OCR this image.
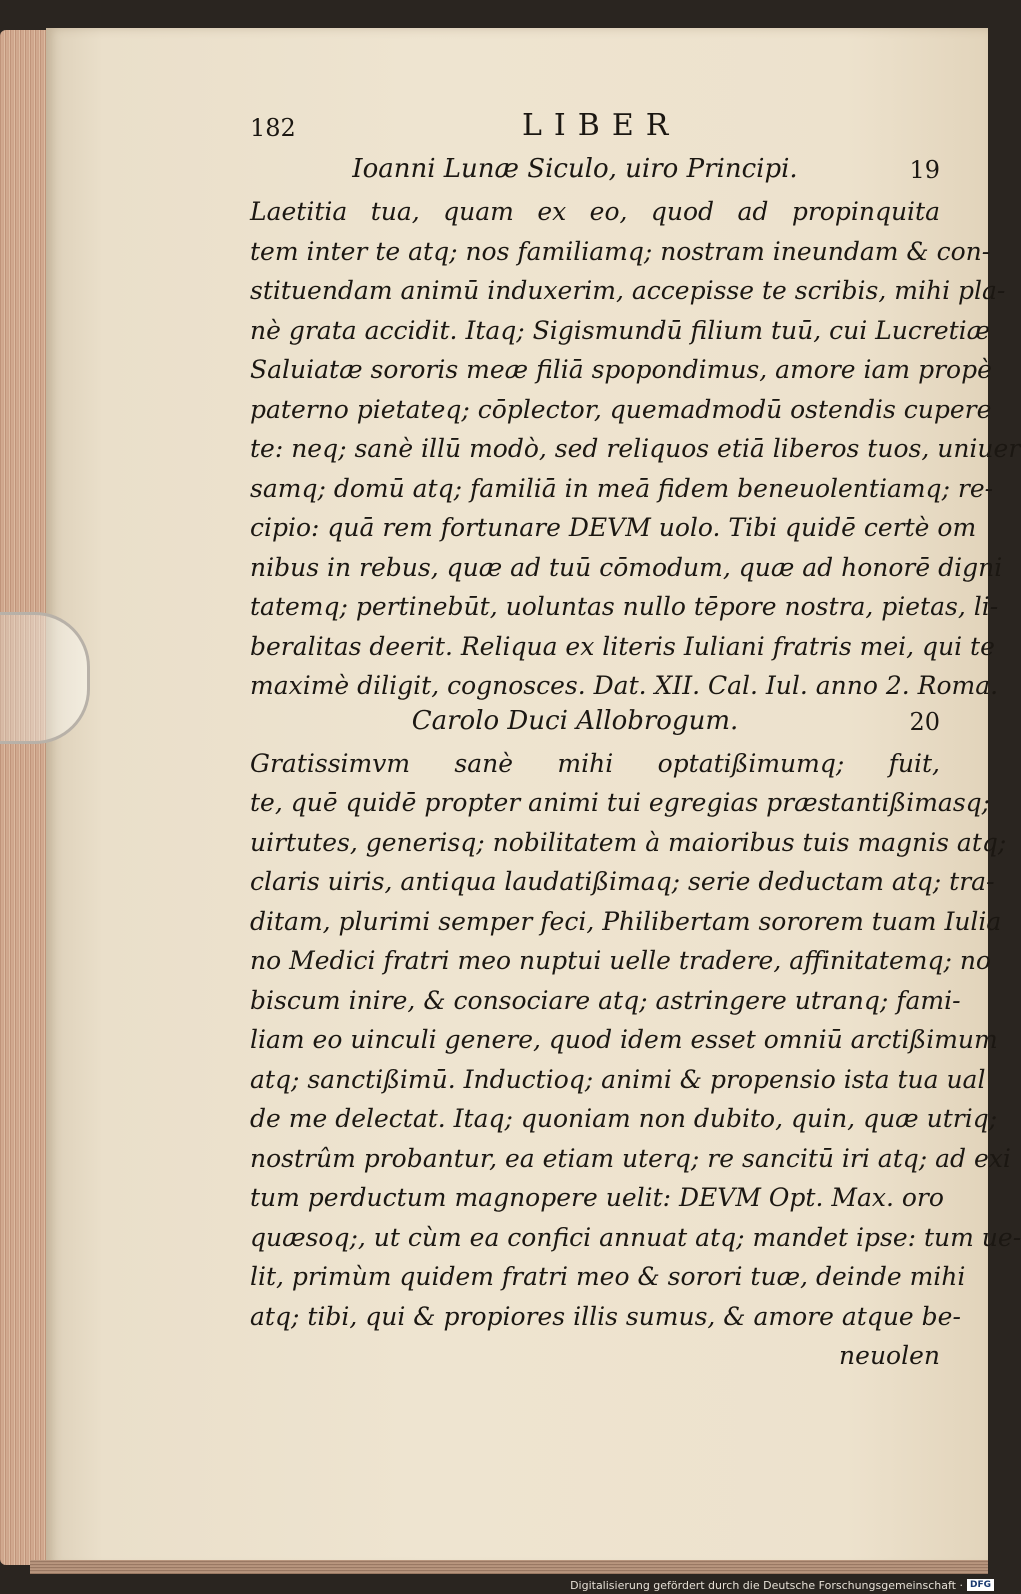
182	LIBER
Ioanni Lunæ Siculo, uiro Principi.	19
Laetitia tua, quam ex eo, quod ad propinquita
tem inter te atq; nos familiamq; nostram ineundam & con-
stituendam animū induxerim, accepisse te scribis, mihi pla-
nè grata accidit. Itaq; Sigismundū filium tuū, cui Lucretiæ
Saluiatæ sororis meæ filiā spopondimus, amore iam propè
paterno pietateq; cōplector, quemadmodū ostendis cupere
te: neq; sanè illū modò, sed reliquos etiā liberos tuos, uniuer
samq; domū atq; familiā in meā fidem beneuolentiamq; re-
cipio: quā rem fortunare DEVM uolo. Tibi quidē certè om
nibus in rebus, quæ ad tuū cōmodum, quæ ad honorē digni
tatemq; pertinebūt, uoluntas nullo tēpore nostra, pietas, li-
beralitas deerit. Reliqua ex literis Iuliani fratris mei, qui te
maximè diligit, cognosces. Dat. XII. Cal. Iul. anno 2. Roma.
Carolo Duci Allobrogum.	20
Gratissimvm sanè mihi optatißimumq; fuit,
te, quē quidē propter animi tui egregias præstantißimasq;
uirtutes, generisq; nobilitatem à maioribus tuis magnis atq;
claris uiris, antiqua laudatißimaq; serie deductam atq; tra-
ditam, plurimi semper feci, Philibertam sororem tuam Iulia
no Medici fratri meo nuptui uelle tradere, affinitatemq; no
biscum inire, & consociare atq; astringere utranq; fami-
liam eo uinculi genere, quod idem esset omniū arctißimum
atq; sanctißimū. Inductioq; animi & propensio ista tua ual
de me delectat. Itaq; quoniam non dubito, quin, quæ utriq;
nostrûm probantur, ea etiam uterq; re sancitū iri atq; ad exi
tum perductum magnopere uelit: DEVM Opt. Max. oro
quæsoq;, ut cùm ea confici annuat atq; mandet ipse: tum ue-
lit, primùm quidem fratri meo & sorori tuæ, deinde mihi
atq; tibi, qui & propiores illis sumus, & amore atque be-
neuolen
Digitalisierung gefördert durch die Deutsche Forschungsgemeinschaft · DFG
